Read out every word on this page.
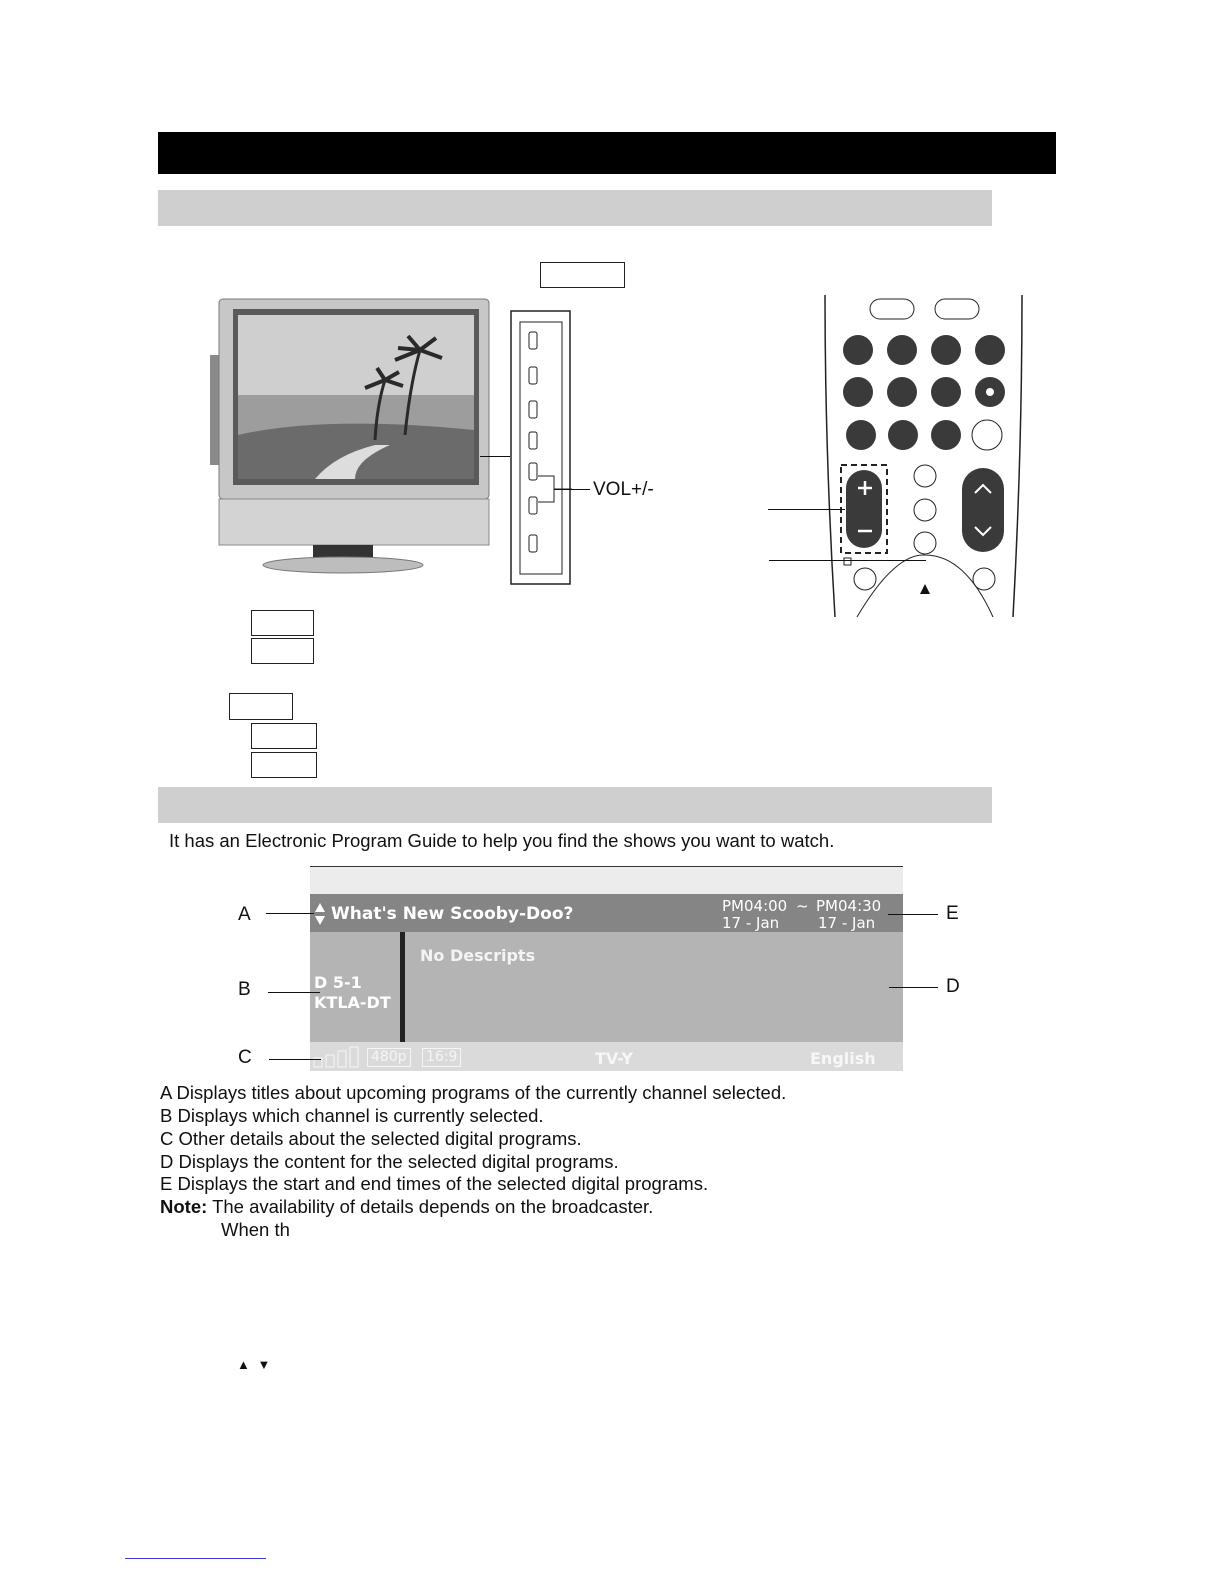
VOL+/-
It has an Electronic Program Guide to help you find the shows you want to watch.
What's New Scooby-Doo?	PM04:00 ~ PM04:30
17 - Jan	17 - Jan
D 5-1
KTLA-DT
No Descripts
480p 16:9	TV-Y	English
A
B
C
D
E
A Displays titles about upcoming programs of the currently channel selected.
B Displays which channel is currently selected.
C Other details about the selected digital programs.
D Displays the content for the selected digital programs.
E Displays the start and end times of the selected digital programs.
Note: The availability of details depends on the broadcaster.
When th
▲ ▼
